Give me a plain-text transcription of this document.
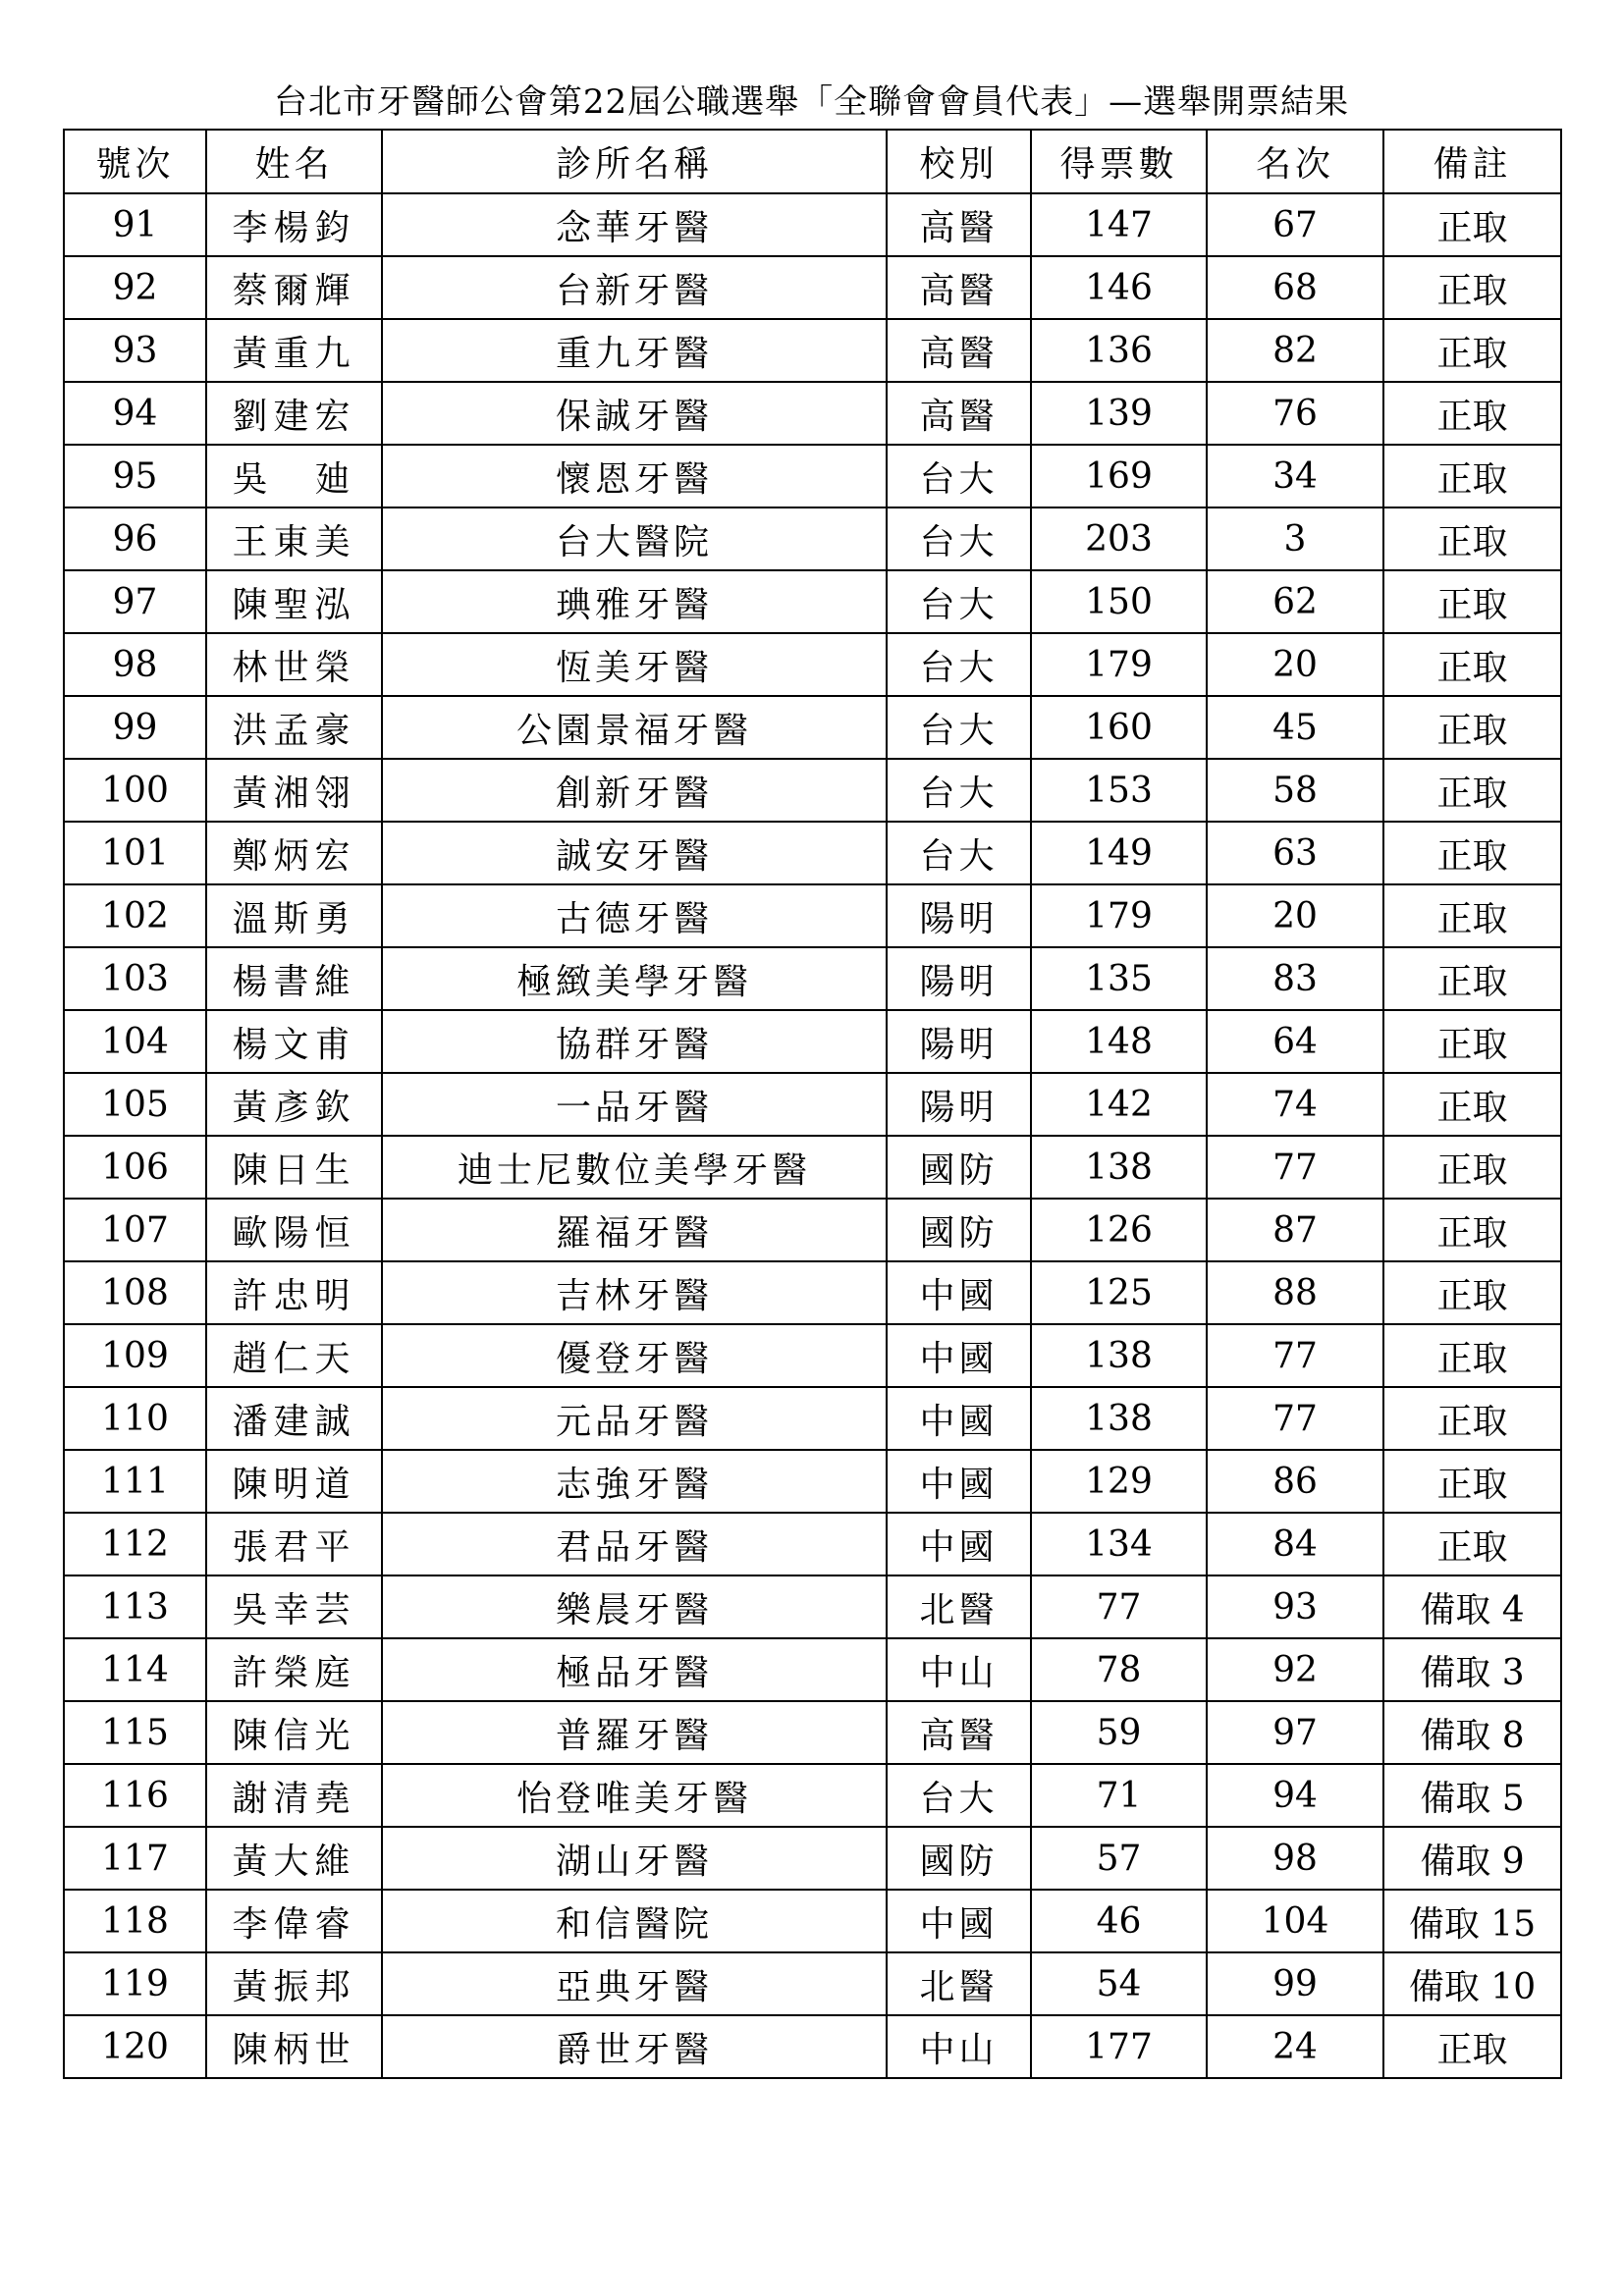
台北市牙醫師公會第22屆公職選舉「全聯會會員代表」—選舉開票結果
號次	姓名	診所名稱	校別	得票數	名次	備註
91	李楊鈞	念華牙醫	高醫	147	67	正取
92	蔡爾輝	台新牙醫	高醫	146	68	正取
93	黃重九	重九牙醫	高醫	136	82	正取
94	劉建宏	保誠牙醫	高醫	139	76	正取
95	吳　廸	懷恩牙醫	台大	169	34	正取
96	王東美	台大醫院	台大	203	3	正取
97	陳聖泓	琠雅牙醫	台大	150	62	正取
98	林世榮	恆美牙醫	台大	179	20	正取
99	洪孟豪	公園景福牙醫	台大	160	45	正取
100	黃湘翎	創新牙醫	台大	153	58	正取
101	鄭炳宏	誠安牙醫	台大	149	63	正取
102	溫斯勇	古德牙醫	陽明	179	20	正取
103	楊書維	極緻美學牙醫	陽明	135	83	正取
104	楊文甫	協群牙醫	陽明	148	64	正取
105	黃彥欽	一品牙醫	陽明	142	74	正取
106	陳日生	迪士尼數位美學牙醫	國防	138	77	正取
107	歐陽恒	羅福牙醫	國防	126	87	正取
108	許忠明	吉林牙醫	中國	125	88	正取
109	趙仁天	優登牙醫	中國	138	77	正取
110	潘建誠	元品牙醫	中國	138	77	正取
111	陳明道	志強牙醫	中國	129	86	正取
112	張君平	君品牙醫	中國	134	84	正取
113	吳幸芸	樂晨牙醫	北醫	77	93	備取 4
114	許榮庭	極品牙醫	中山	78	92	備取 3
115	陳信光	普羅牙醫	高醫	59	97	備取 8
116	謝清堯	怡登唯美牙醫	台大	71	94	備取 5
117	黃大維	湖山牙醫	國防	57	98	備取 9
118	李偉睿	和信醫院	中國	46	104	備取 15
119	黃振邦	亞典牙醫	北醫	54	99	備取 10
120	陳柄世	爵世牙醫	中山	177	24	正取
